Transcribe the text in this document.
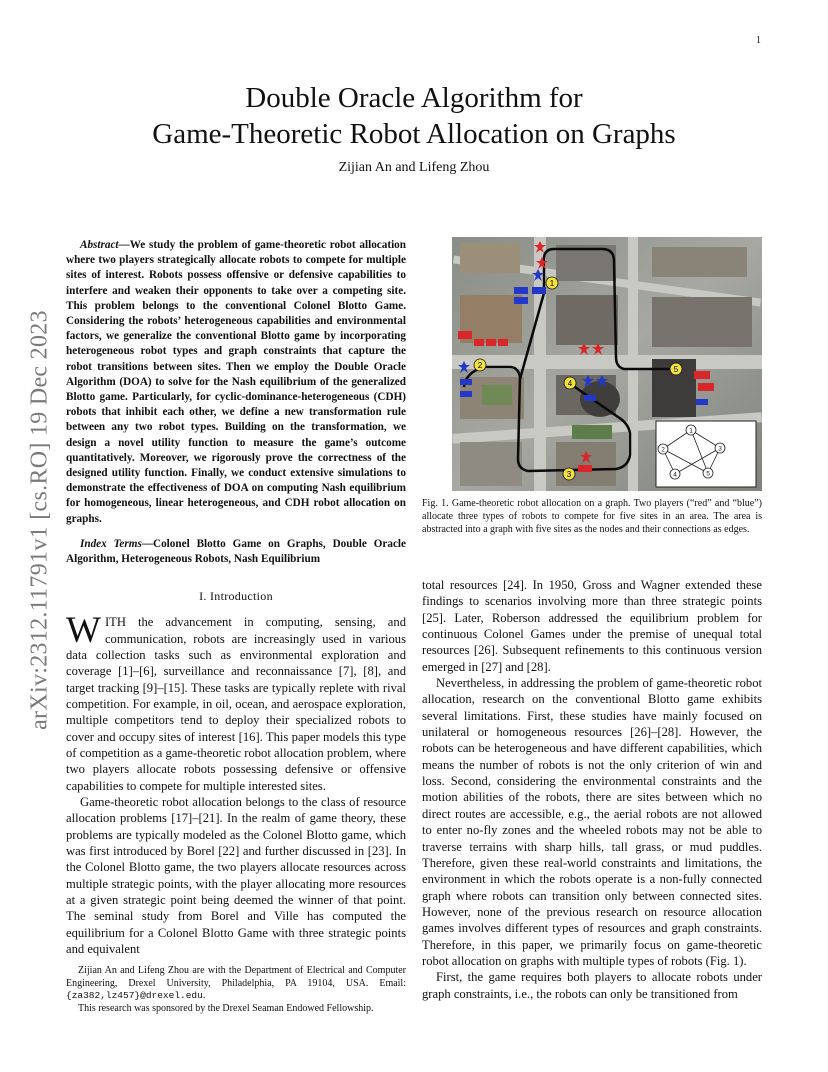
1
arXiv:2312.11791v1 [cs.RO] 19 Dec 2023
Double Oracle Algorithm for
Game-Theoretic Robot Allocation on Graphs
Zijian An and Lifeng Zhou

Abstract—We study the problem of game-theoretic robot allocation where two players strategically allocate robots to compete for multiple sites of interest. Robots possess offensive or defensive capabilities to interfere and weaken their opponents to take over a competing site. This problem belongs to the conventional Colonel Blotto Game. Considering the robots’ heterogeneous capabilities and environmental factors, we generalize the conventional Blotto game by incorporating heterogeneous robot types and graph constraints that capture the robot transitions between sites. Then we employ the Double Oracle Algorithm (DOA) to solve for the Nash equilibrium of the generalized Blotto game. Particularly, for cyclic-dominance-heterogeneous (CDH) robots that inhibit each other, we define a new transformation rule between any two robot types. Building on the transformation, we design a novel utility function to measure the game’s outcome quantitatively. Moreover, we rigorously prove the correctness of the designed utility function. Finally, we conduct extensive simulations to demonstrate the effectiveness of DOA on computing Nash equilibrium for homogeneous, linear heterogeneous, and CDH robot allocation on graphs.

Index Terms—Colonel Blotto Game on Graphs, Double Oracle Algorithm, Heterogeneous Robots, Nash Equilibrium

I. Introduction

WITH the advancement in computing, sensing, and communication, robots are increasingly used in various data collection tasks such as environmental exploration and coverage [1]–[6], surveillance and reconnaissance [7], [8], and target tracking [9]–[15]. These tasks are typically replete with rival competition. For example, in oil, ocean, and aerospace exploration, multiple competitors tend to deploy their specialized robots to cover and occupy sites of interest [16]. This paper models this type of competition as a game-theoretic robot allocation problem, where two players allocate robots possessing defensive or offensive capabilities to compete for multiple interested sites.

Game-theoretic robot allocation belongs to the class of resource allocation problems [17]–[21]. In the realm of game theory, these problems are typically modeled as the Colonel Blotto game, which was first introduced by Borel [22] and further discussed in [23]. In the Colonel Blotto game, the two players allocate resources across multiple strategic points, with the player allocating more resources at a given strategic point being deemed the winner of that point. The seminal study from Borel and Ville has computed the equilibrium for a Colonel Blotto Game with three strategic points and equivalent

Zijian An and Lifeng Zhou are with the Department of Electrical and Computer Engineering, Drexel University, Philadelphia, PA 19104, USA. Email: {za382,lz457}@drexel.edu.

This research was sponsored by the Drexel Seaman Endowed Fellowship.

1
2
3
4
5
1
2	3
4	5
Fig. 1. Game-theoretic robot allocation on a graph. Two players (“red” and “blue”) allocate three types of robots to compete for five sites in an area. The area is abstracted into a graph with five sites as the nodes and their connections as edges.

total resources [24]. In 1950, Gross and Wagner extended these findings to scenarios involving more than three strategic points [25]. Later, Roberson addressed the equilibrium problem for continuous Colonel Games under the premise of unequal total resources [26]. Subsequent refinements to this continuous version emerged in [27] and [28].

Nevertheless, in addressing the problem of game-theoretic robot allocation, research on the conventional Blotto game exhibits several limitations. First, these studies have mainly focused on unilateral or homogeneous resources [26]–[28]. However, the robots can be heterogeneous and have different capabilities, which means the number of robots is not the only criterion of win and loss. Second, considering the environmental constraints and the motion abilities of the robots, there are sites between which no direct routes are accessible, e.g., the aerial robots are not allowed to enter no-fly zones and the wheeled robots may not be able to traverse terrains with sharp hills, tall grass, or mud puddles. Therefore, given these real-world constraints and limitations, the environment in which the robots operate is a non-fully connected graph where robots can transition only between connected sites. However, none of the previous research on resource allocation games involves different types of resources and graph constraints. Therefore, in this paper, we primarily focus on game-theoretic robot allocation on graphs with multiple types of robots (Fig. 1).

First, the game requires both players to allocate robots under graph constraints, i.e., the robots can only be transitioned from
